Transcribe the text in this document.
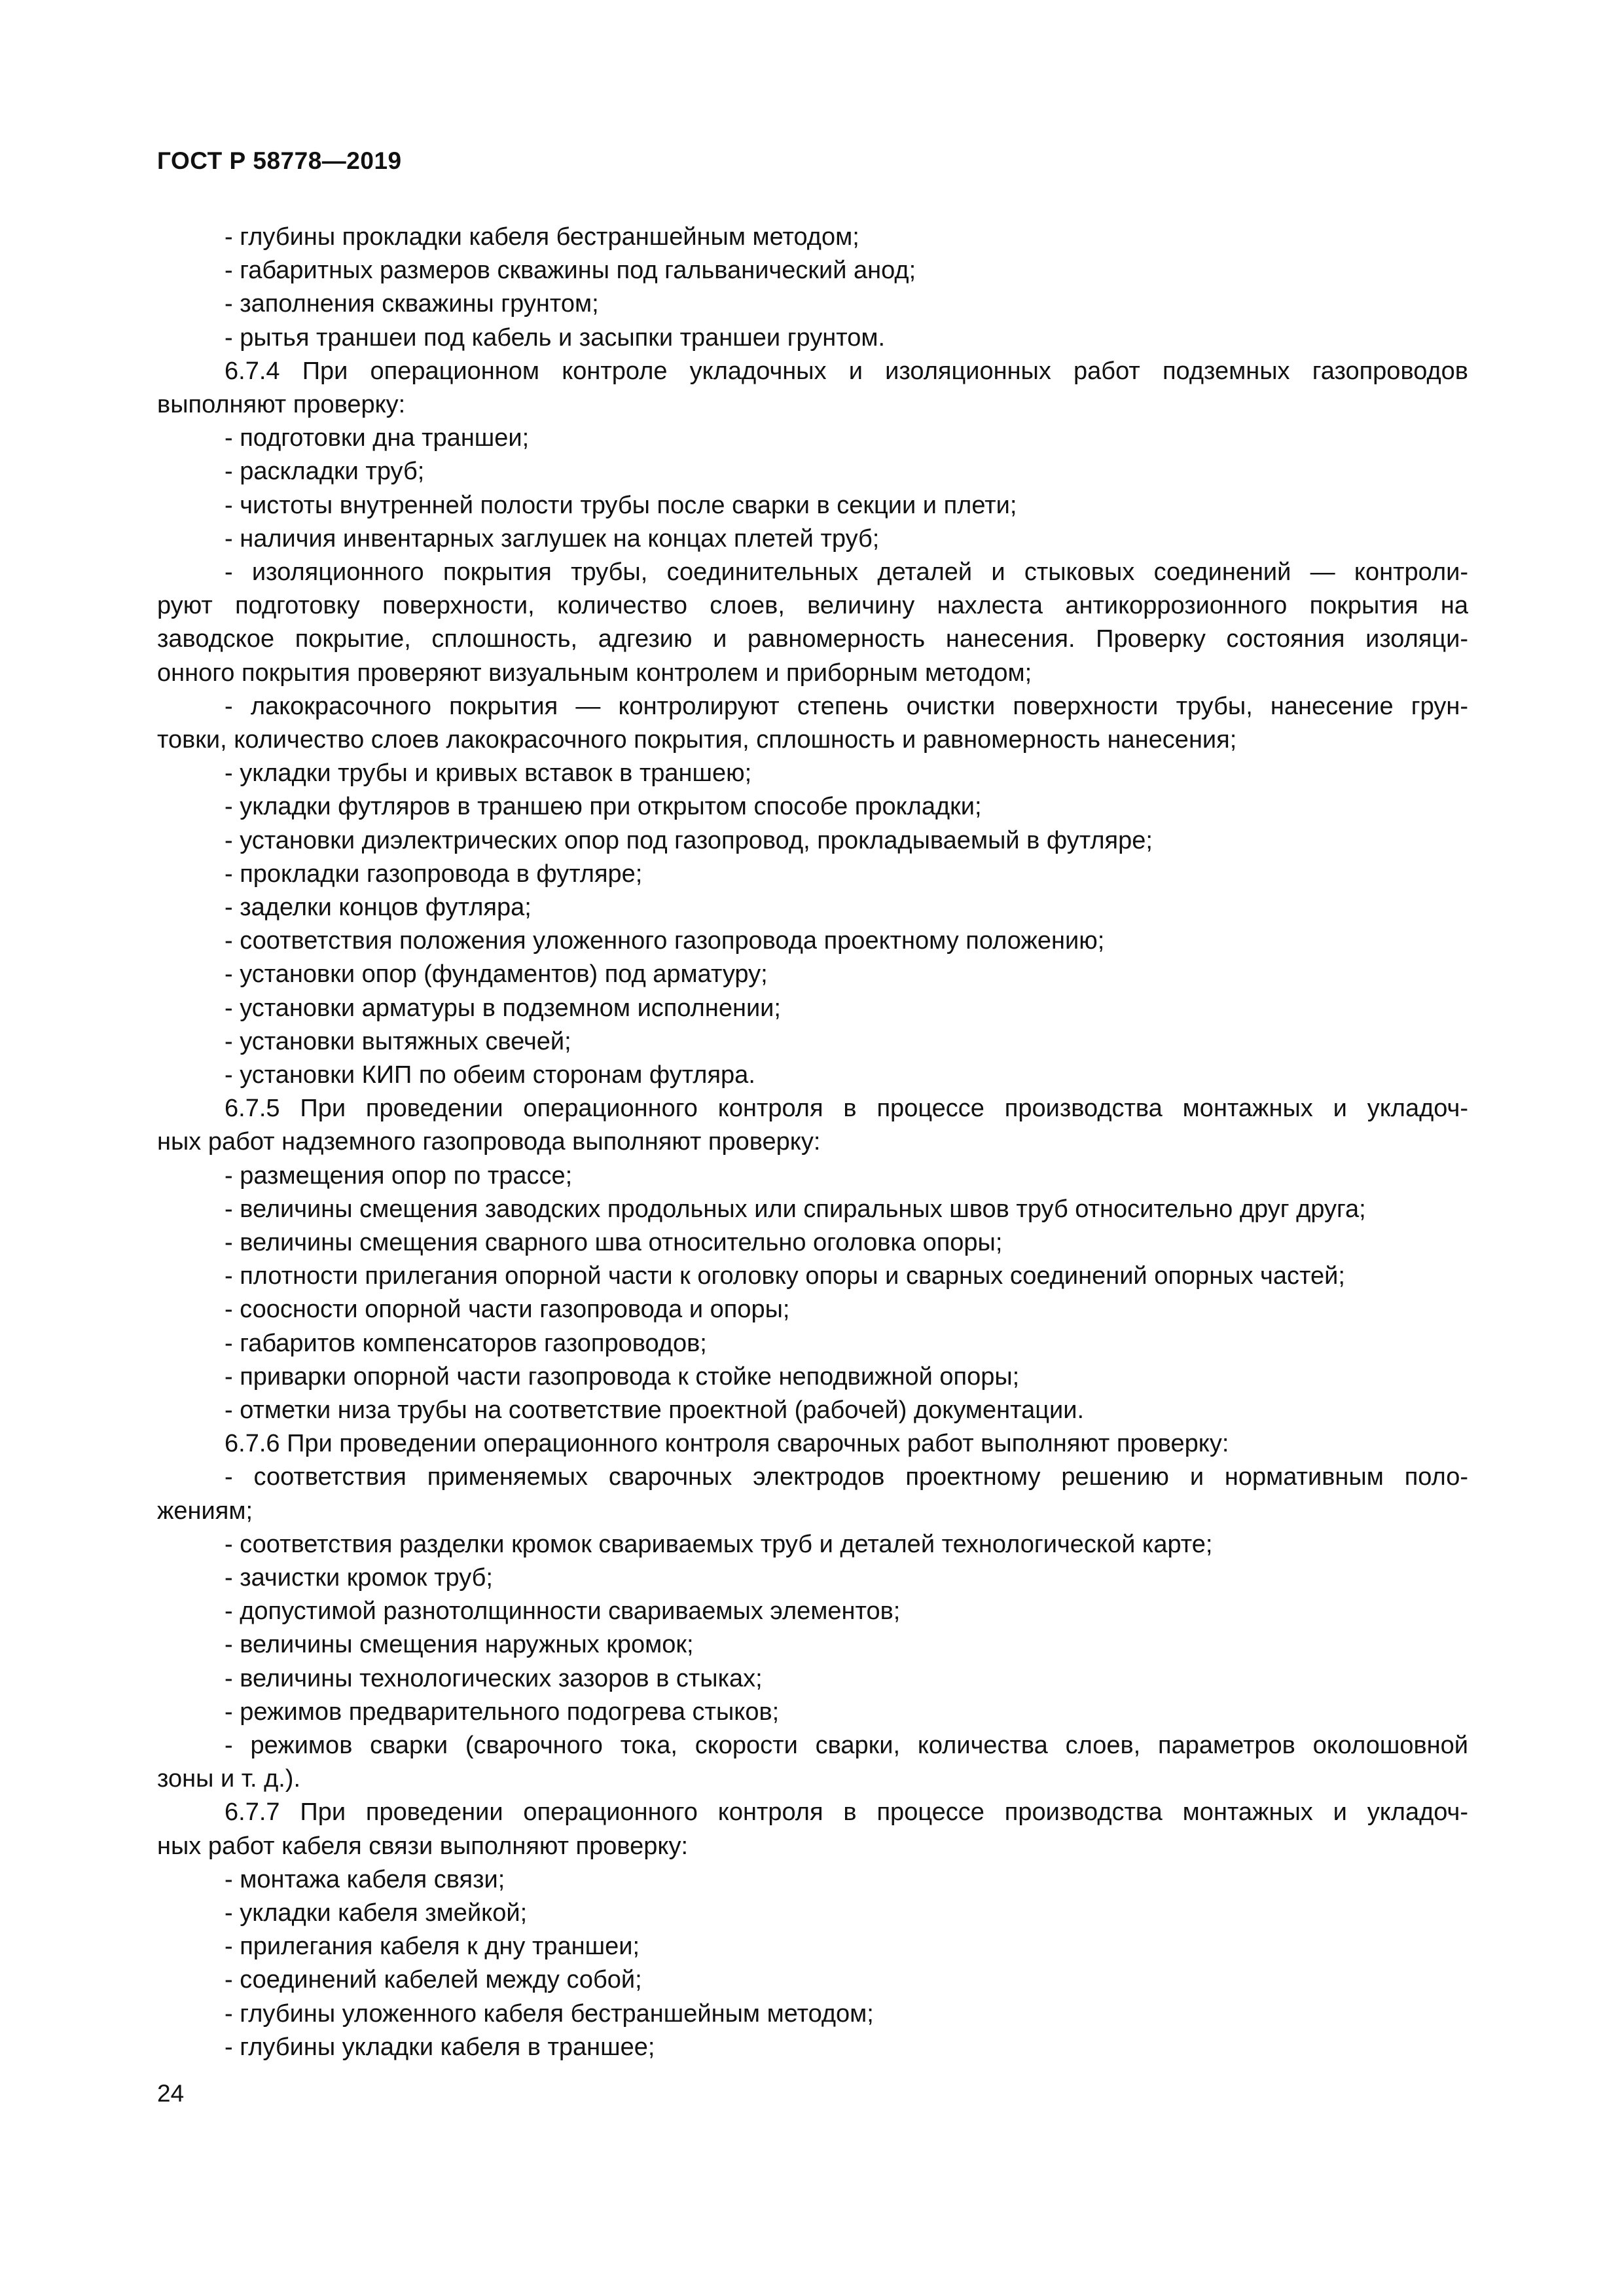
ГОСТ Р 58778—2019
- глубины прокладки кабеля бестраншейным методом;
- габаритных размеров скважины под гальванический анод;
- заполнения скважины грунтом;
- рытья траншеи под кабель и засыпки траншеи грунтом.
6.7.4 При операционном контроле укладочных и изоляционных работ подземных газопроводов
выполняют проверку:
- подготовки дна траншеи;
- раскладки труб;
- чистоты внутренней полости трубы после сварки в секции и плети;
- наличия инвентарных заглушек на концах плетей труб;
- изоляционного покрытия трубы, соединительных деталей и стыковых соединений — контроли-
руют подготовку поверхности, количество слоев, величину нахлеста антикоррозионного покрытия на
заводское покрытие, сплошность, адгезию и равномерность нанесения. Проверку состояния изоляци-
онного покрытия проверяют визуальным контролем и приборным методом;
- лакокрасочного покрытия — контролируют степень очистки поверхности трубы, нанесение грун-
товки, количество слоев лакокрасочного покрытия, сплошность и равномерность нанесения;
- укладки трубы и кривых вставок в траншею;
- укладки футляров в траншею при открытом способе прокладки;
- установки диэлектрических опор под газопровод, прокладываемый в футляре;
- прокладки газопровода в футляре;
- заделки концов футляра;
- соответствия положения уложенного газопровода проектному положению;
- установки опор (фундаментов) под арматуру;
- установки арматуры в подземном исполнении;
- установки вытяжных свечей;
- установки КИП по обеим сторонам футляра.
6.7.5 При проведении операционного контроля в процессе производства монтажных и укладоч-
ных работ надземного газопровода выполняют проверку:
- размещения опор по трассе;
- величины смещения заводских продольных или спиральных швов труб относительно друг друга;
- величины смещения сварного шва относительно оголовка опоры;
- плотности прилегания опорной части к оголовку опоры и сварных соединений опорных частей;
- соосности опорной части газопровода и опоры;
- габаритов компенсаторов газопроводов;
- приварки опорной части газопровода к стойке неподвижной опоры;
- отметки низа трубы на соответствие проектной (рабочей) документации.
6.7.6 При проведении операционного контроля сварочных работ выполняют проверку:
- соответствия применяемых сварочных электродов проектному решению и нормативным поло-
жениям;
- соответствия разделки кромок свариваемых труб и деталей технологической карте;
- зачистки кромок труб;
- допустимой разнотолщинности свариваемых элементов;
- величины смещения наружных кромок;
- величины технологических зазоров в стыках;
- режимов предварительного подогрева стыков;
- режимов сварки (сварочного тока, скорости сварки, количества слоев, параметров околошовной
зоны и т. д.).
6.7.7 При проведении операционного контроля в процессе производства монтажных и укладоч-
ных работ кабеля связи выполняют проверку:
- монтажа кабеля связи;
- укладки кабеля змейкой;
- прилегания кабеля к дну траншеи;
- соединений кабелей между собой;
- глубины уложенного кабеля бестраншейным методом;
- глубины укладки кабеля в траншее;
24
